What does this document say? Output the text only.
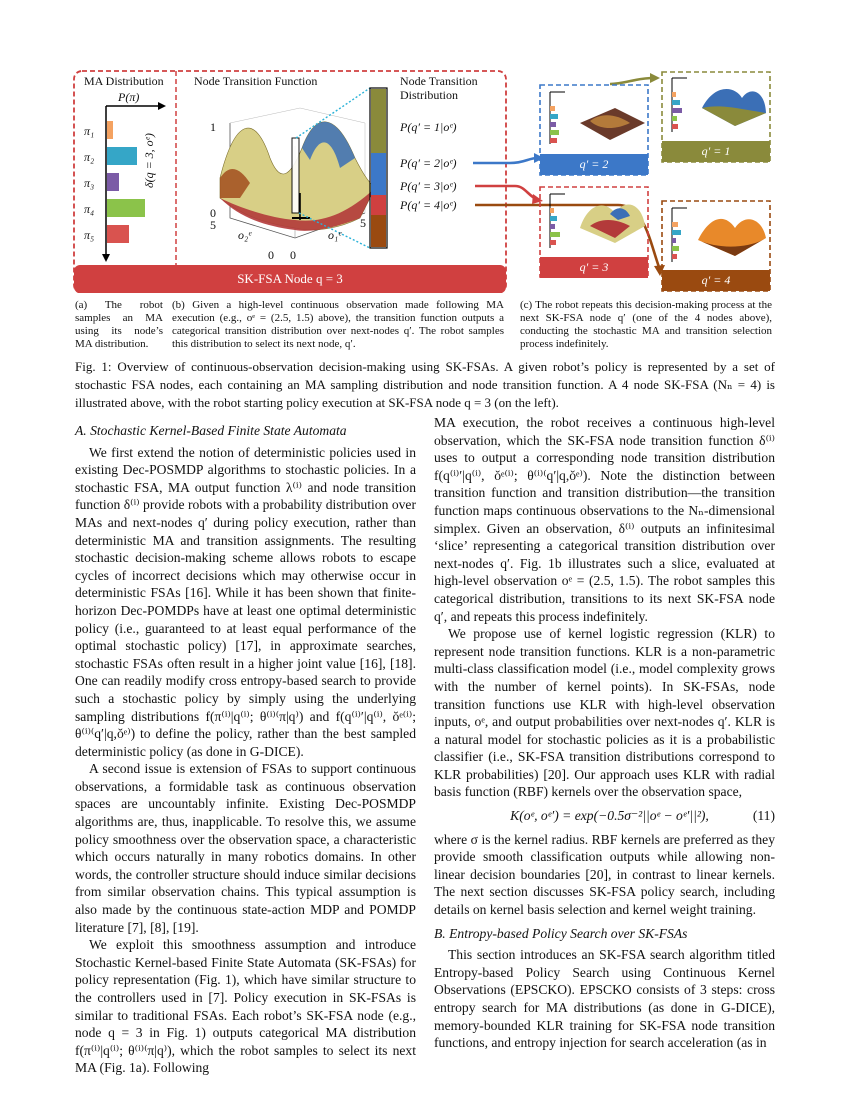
MA Distribution
P(π)
π₁
π₂
π₃
π₄
π₅
Node Transition Function
δ(q = 3, oᵉ)
1
0
5
o₂ᵉ
0 0
o₁ᵉ
5
Node Transition
Distribution
P(q′ = 1|oᵉ)
P(q′ = 2|oᵉ)
P(q′ = 3|oᵉ)
P(q′ = 4|oᵉ)
SK-FSA Node q = 3
q′ = 2
q′ = 1
q′ = 3
q′ = 4
(a) The robot samples an MA using its node’s MA distribution.
(b) Given a high-level continuous observation made following MA execution (e.g., oᵉ = (2.5, 1.5) above), the transition function outputs a categorical transition distribution over next-nodes q′. The robot samples this distribution to select its next node, q′.
(c) The robot repeats this decision-making process at the next SK-FSA node q′ (one of the 4 nodes above), conducting the stochastic MA and transition selection process indefinitely.
Fig. 1: Overview of continuous-observation decision-making using SK-FSAs. A given robot’s policy is represented by a set of stochastic FSA nodes, each containing an MA sampling distribution and node transition function. A 4 node SK-FSA (Nₙ = 4) is illustrated above, with the robot starting policy execution at SK-FSA node q = 3 (on the left).
A. Stochastic Kernel-Based Finite State Automata

We first extend the notion of deterministic policies used in existing Dec-POSMDP algorithms to stochastic policies. In a stochastic FSA, MA output function λ⁽ⁱ⁾ and node transition function δ⁽ⁱ⁾ provide robots with a probability distribution over MAs and next-nodes q′ during policy execution, rather than deterministic MA and transition assignments. The resulting stochastic decision-making scheme allows robots to escape cycles of incorrect decisions which may otherwise occur in deterministic FSAs [16]. While it has been shown that finite-horizon Dec-POMDPs have at least one optimal deterministic policy (i.e., guaranteed to at least equal performance of the optimal stochastic policy) [17], in approximate searches, stochastic FSAs often result in a higher joint value [16], [18]. One can readily modify cross entropy-based search to provide such a stochastic policy by simply using the underlying sampling distributions f(π⁽ⁱ⁾|q⁽ⁱ⁾; θ⁽ⁱ⁾⁽π|q⁾) and f(q⁽ⁱ⁾′|q⁽ⁱ⁾, ŏᵉ⁽ⁱ⁾; θ⁽ⁱ⁾⁽q′|q,ŏᵉ⁾) to define the policy, rather than the best sampled deterministic policy (as done in G-DICE).

A second issue is extension of FSAs to support continuous observations, a formidable task as continuous observation spaces are uncountably infinite. Existing Dec-POSMDP algorithms are, thus, inapplicable. To resolve this, we assume policy smoothness over the observation space, a characteristic which occurs naturally in many robotics domains. In other words, the controller structure should induce similar decisions from similar observation chains. This typical assumption is also made by the continuous state-action MDP and POMDP literature [7], [8], [19].

We exploit this smoothness assumption and introduce Stochastic Kernel-based Finite State Automata (SK-FSAs) for policy representation (Fig. 1), which have similar structure to the controllers used in [7]. Policy execution in SK-FSAs is similar to traditional FSAs. Each robot’s SK-FSA node (e.g., node q = 3 in Fig. 1) outputs categorical MA distribution f(π⁽ⁱ⁾|q⁽ⁱ⁾; θ⁽ⁱ⁾⁽π|q⁾), which the robot samples to select its next MA (Fig. 1a). Following

MA execution, the robot receives a continuous high-level observation, which the SK-FSA node transition function δ⁽ⁱ⁾ uses to output a corresponding node transition distribution f(q⁽ⁱ⁾′|q⁽ⁱ⁾, ŏᵉ⁽ⁱ⁾; θ⁽ⁱ⁾⁽q′|q,ŏᵉ⁾). Note the distinction between transition function and transition distribution—the transition function maps continuous observations to the Nₙ-dimensional simplex. Given an observation, δ⁽ⁱ⁾ outputs an infinitesimal ‘slice’ representing a categorical transition distribution over next-nodes q′. Fig. 1b illustrates such a slice, evaluated at high-level observation oᵉ = (2.5, 1.5). The robot samples this categorical distribution, transitions to its next SK-FSA node q′, and repeats this process indefinitely.

We propose use of kernel logistic regression (KLR) to represent node transition functions. KLR is a non-parametric multi-class classification model (i.e., model complexity grows with the number of kernel points). In SK-FSAs, node transition functions use KLR with high-level observation inputs, oᵉ, and output probabilities over next-nodes q′. KLR is a natural model for stochastic policies as it is a probabilistic classifier (i.e., SK-FSA transition distributions correspond to KLR probabilities) [20]. Our approach uses KLR with radial basis function (RBF) kernels over the observation space,

K(oᵉ, oᵉ′) = exp(−0.5σ⁻²||oᵉ − oᵉ′||²),	(11)

where σ is the kernel radius. RBF kernels are preferred as they provide smooth classification outputs while allowing non-linear decision boundaries [20], in contrast to linear kernels. The next section discusses SK-FSA policy search, including details on kernel basis selection and kernel weight training.

B. Entropy-based Policy Search over SK-FSAs

This section introduces an SK-FSA search algorithm titled Entropy-based Policy Search using Continuous Kernel Observations (EPSCKO). EPSCKO consists of 3 steps: cross entropy search for MA distributions (as done in G-DICE), memory-bounded KLR training for SK-FSA node transition functions, and entropy injection for search acceleration (as in
